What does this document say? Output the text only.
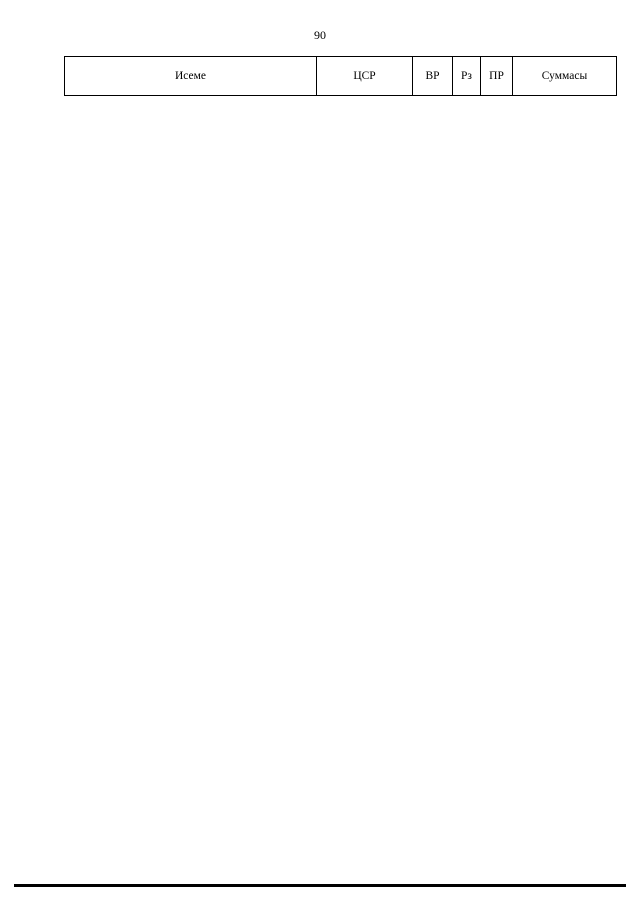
90
Исеме	ЦСР	ВР	Рз	ПР	Суммасы
